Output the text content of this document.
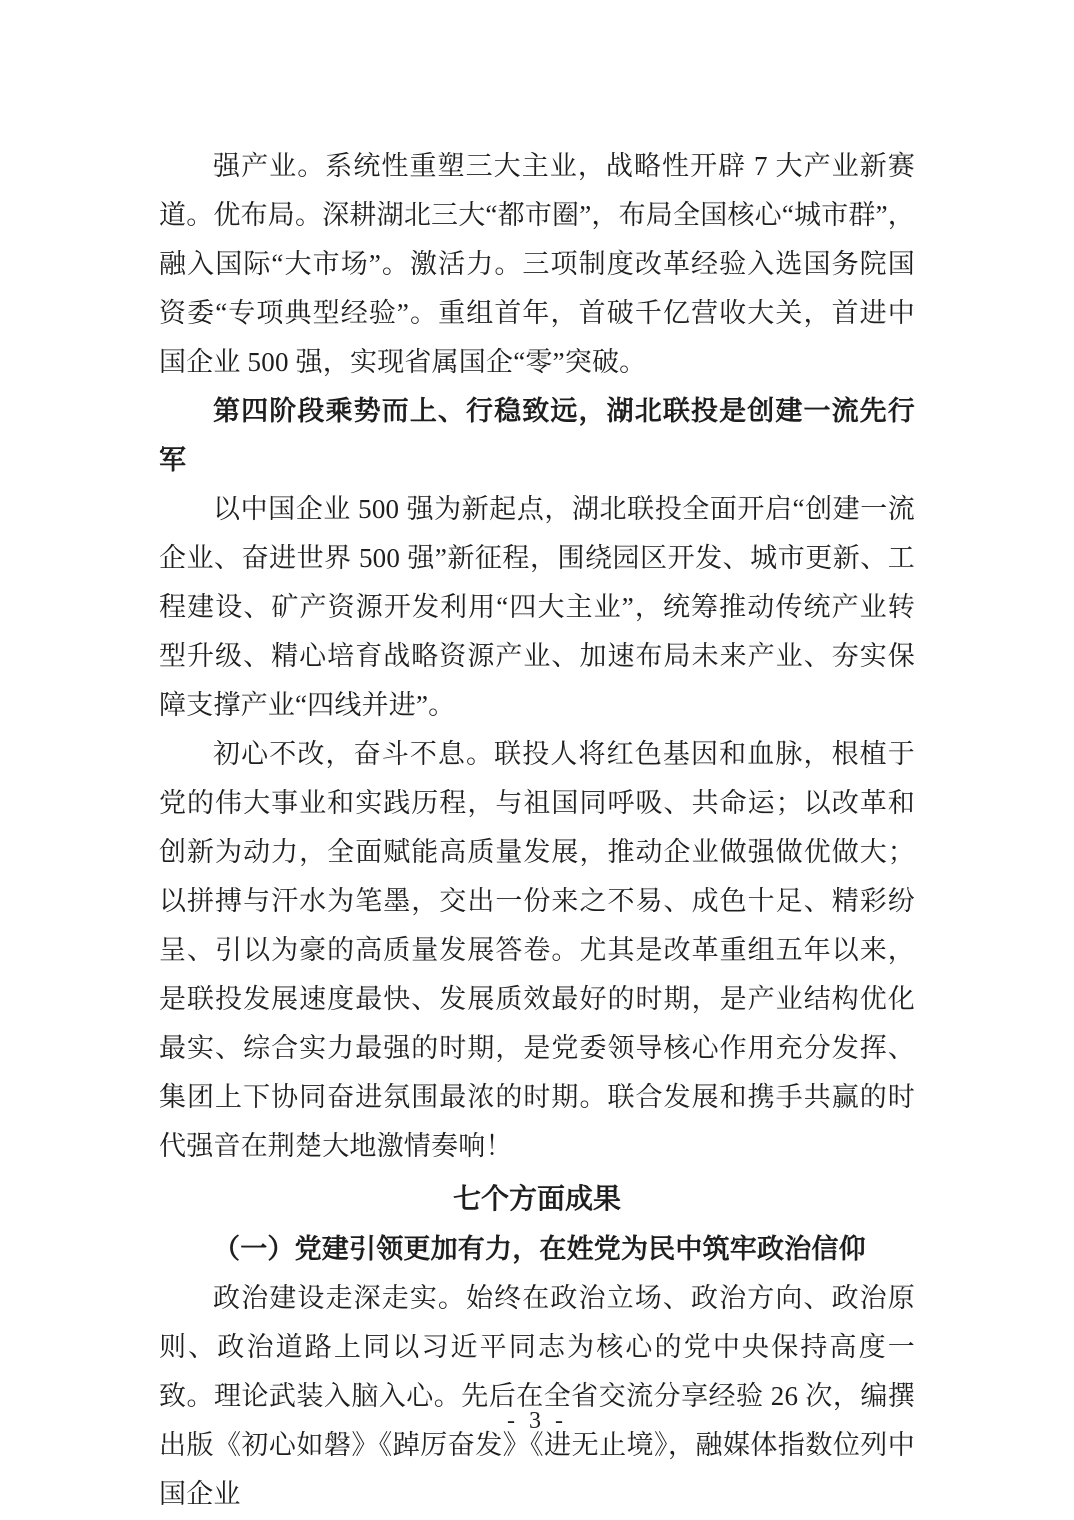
强产业。系统性重塑三大主业，战略性开辟 7 大产业新赛道。优布局。深耕湖北三大“都市圈”，布局全国核心“城市群”，融入国际“大市场”。激活力。三项制度改革经验入选国务院国资委“专项典型经验”。重组首年，首破千亿营收大关，首进中国企业 500 强，实现省属国企“零”突破。

第四阶段乘势而上、行稳致远，湖北联投是创建一流先行军

以中国企业 500 强为新起点，湖北联投全面开启“创建一流企业、奋进世界 500 强”新征程，围绕园区开发、城市更新、工程建设、矿产资源开发利用“四大主业”，统筹推动传统产业转型升级、精心培育战略资源产业、加速布局未来产业、夯实保障支撑产业“四线并进”。

初心不改，奋斗不息。联投人将红色基因和血脉，根植于党的伟大事业和实践历程，与祖国同呼吸、共命运；以改革和创新为动力，全面赋能高质量发展，推动企业做强做优做大；以拼搏与汗水为笔墨，交出一份来之不易、成色十足、精彩纷呈、引以为豪的高质量发展答卷。尤其是改革重组五年以来，是联投发展速度最快、发展质效最好的时期，是产业结构优化最实、综合实力最强的时期，是党委领导核心作用充分发挥、集团上下协同奋进氛围最浓的时期。联合发展和携手共赢的时代强音在荆楚大地激情奏响！

七个方面成果

（一）党建引领更加有力，在姓党为民中筑牢政治信仰

政治建设走深走实。始终在政治立场、政治方向、政治原则、政治道路上同以习近平同志为核心的党中央保持高度一致。理论武装入脑入心。先后在全省交流分享经验 26 次，编撰出版《初心如磐》《踔厉奋发》《进无止境》，融媒体指数位列中国企业

- 3 -
